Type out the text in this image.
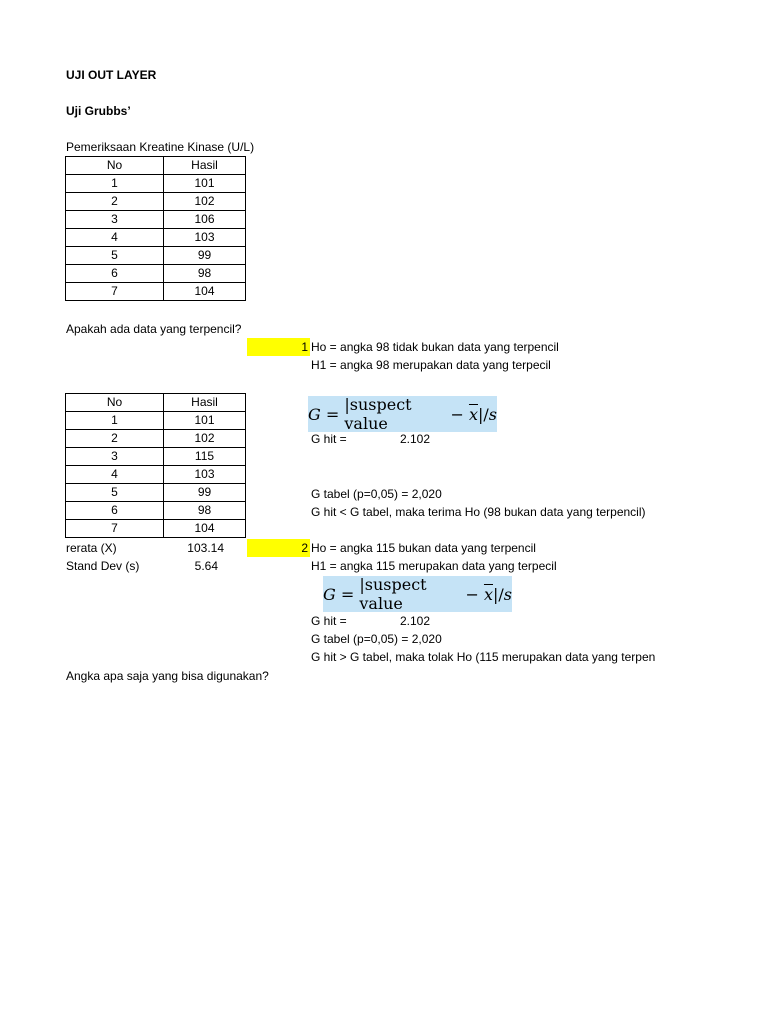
UJI OUT LAYER
Uji Grubbs’
Pemeriksaan Kreatine Kinase (U/L)
No	Hasil
1	101
2	102
3	106
4	103
5	99
6	98
7	104
Apakah ada data yang terpencil?
1 Ho = angka 98 tidak bukan data yang terpencil
H1 = angka 98 merupakan data yang terpecil
No	Hasil
1	101
2	102
3	115
4	103
5	99
6	98
7	104
G
=
|suspect value
	−
$\overline{x}$ |/ s
G hit =	2.102
G tabel (p=0,05) = 2,020
G hit < G tabel, maka terima Ho (98 bukan data yang terpencil)
rerata (X)	103.14
Stand Dev (s)	5.64
2 Ho = angka 115 bukan data yang terpencil
H1 = angka 115 merupakan data yang terpecil
G
=
|suspect value
	−
$\overline{x}$ |/ s
G hit =	2.102
G tabel (p=0,05) = 2,020
G hit > G tabel, maka tolak Ho (115 merupakan data yang terpen
Angka apa saja yang bisa digunakan?
